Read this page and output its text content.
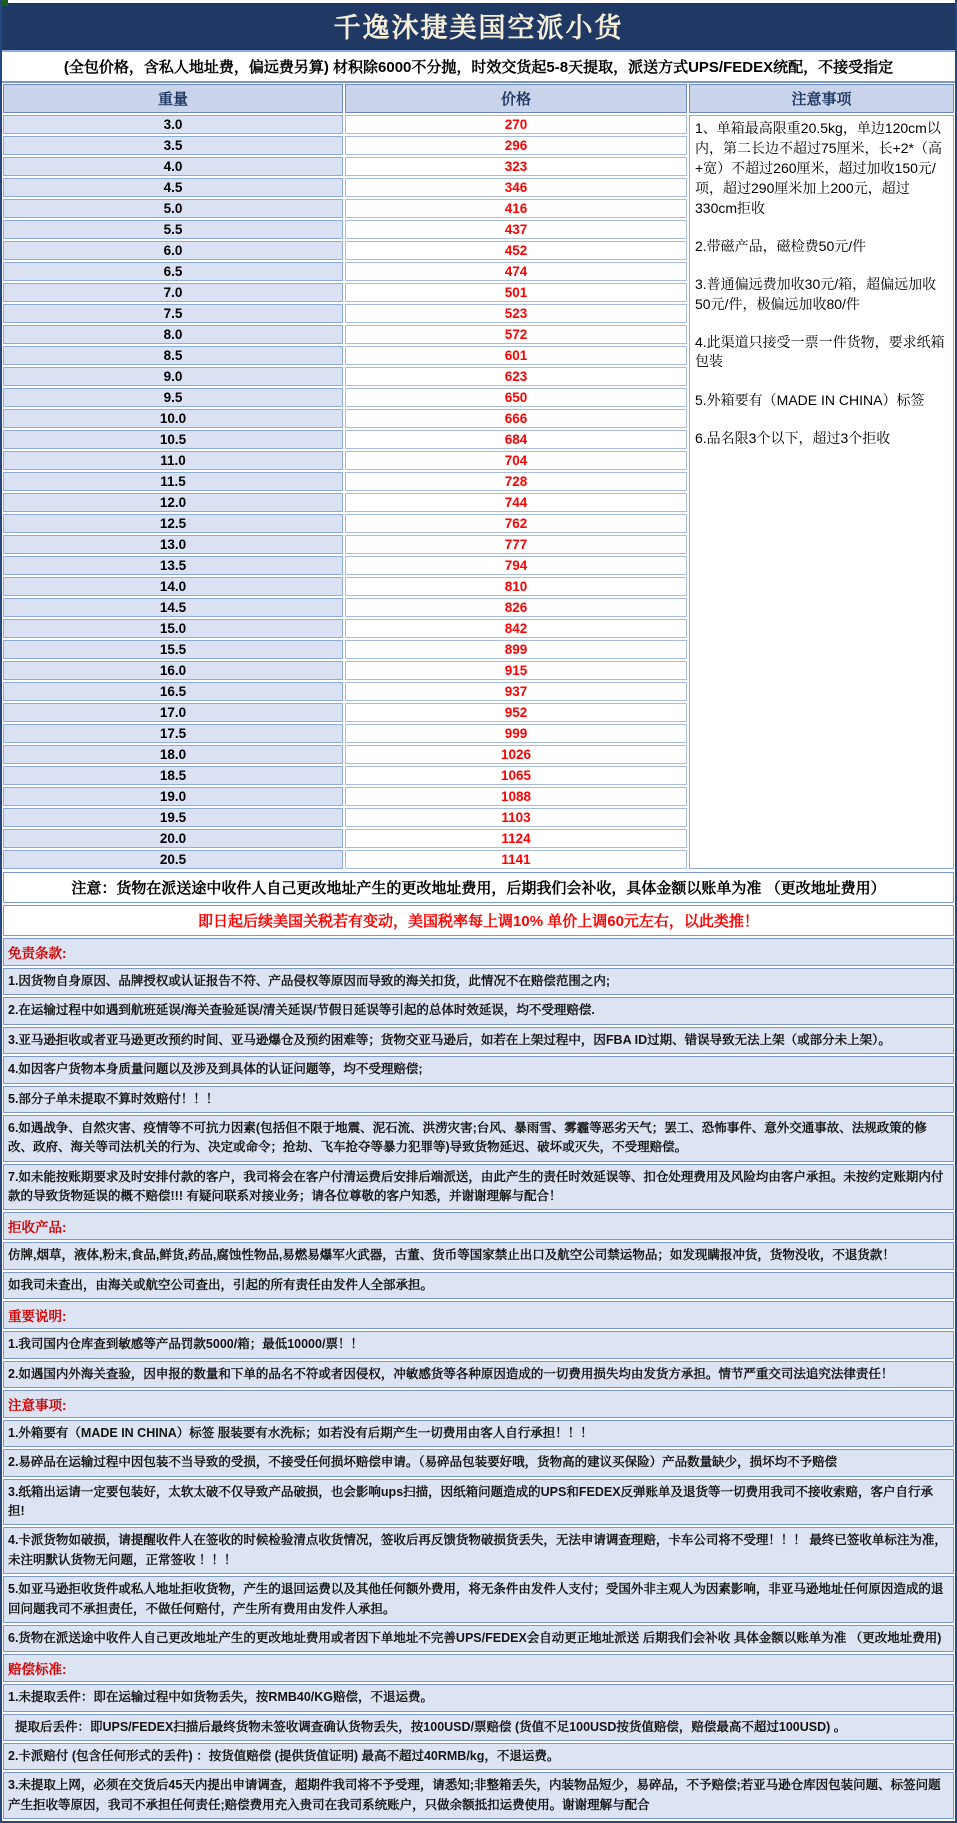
千逸沐捷美国空派小货
(全包价格，含私人地址费，偏远费另算) 材积除6000不分抛，时效交货起5-8天提取，派送方式UPS/FEDEX统配，不接受指定
重量	价格	注意事项
3.0
3.5
4.0
4.5
5.0
5.5
6.0
6.5
7.0
7.5
8.0
8.5
9.0
9.5
10.0
10.5
11.0
11.5
12.0
12.5
13.0
13.5
14.0
14.5
15.0
15.5
16.0
16.5
17.0
17.5
18.0
18.5
19.0
19.5
20.0
20.5
270
296
323
346
416
437
452
474
501
523
572
601
623
650
666
684
704
728
744
762
777
794
810
826
842
899
915
937
952
999
1026
1065
1088
1103
1124
1141
1、单箱最高限重20.5kg，单边120cm以内，第二长边不超过75厘米，长+2*（高+宽）不超过260厘米，超过加收150元/项，超过290厘米加上200元，超过330cm拒收
2.带磁产品，磁检费50元/件
3.普通偏远费加收30元/箱，超偏远加收50元/件，极偏远加收80/件
4.此渠道只接受一票一件货物，要求纸箱包装
5.外箱要有（MADE IN CHINA）标签
6.品名限3个以下，超过3个拒收
注意：货物在派送途中收件人自己更改地址产生的更改地址费用，后期我们会补收，具体金额以账单为准 （更改地址费用）
即日起后续美国关税若有变动，美国税率每上调10% 单价上调60元左右，以此类推！
免责条款:
1.因货物自身原因、品牌授权或认证报告不符、产品侵权等原因而导致的海关扣货，此情况不在赔偿范围之内;
2.在运输过程中如遇到航班延误/海关查验延误/清关延误/节假日延误等引起的总体时效延误，均不受理赔偿.
3.亚马逊拒收或者亚马逊更改预约时间、亚马逊爆仓及预约困难等；货物交亚马逊后，如若在上架过程中，因FBA ID过期、错误导致无法上架（或部分未上架）。
4.如因客户货物本身质量问题以及涉及到具体的认证问题等，均不受理赔偿;
5.部分子单未提取不算时效赔付！！！
6.如遇战争、自然灾害、疫情等不可抗力因素(包括但不限于地震、泥石流、洪涝灾害;台风、暴雨雪、雾霾等恶劣天气；罢工、恐怖事件、意外交通事故、法规政策的修改、政府、海关等司法机关的行为、决定或命令；抢劫、飞车抢夺等暴力犯罪等)导致货物延迟、破坏或灭失，不受理赔偿。
7.如未能按账期要求及时安排付款的客户，我司将会在客户付清运费后安排后端派送，由此产生的责任时效延误等、扣仓处理费用及风险均由客户承担。未按约定账期内付款的导致货物延误的概不赔偿!!! 有疑问联系对接业务；请各位尊敬的客户知悉，并谢谢理解与配合！
拒收产品:
仿牌,烟草，液体,粉末,食品,鲜货,药品,腐蚀性物品,易燃易爆军火武器，古董、货币等国家禁止出口及航空公司禁运物品；如发现瞒报冲货，货物没收，不退货款！
如我司未查出，由海关或航空公司查出，引起的所有责任由发件人全部承担。
重要说明:
1.我司国内仓库查到敏感等产品罚款5000/箱；最低10000/票！！
2.如遇国内外海关查验，因申报的数量和下单的品名不符或者因侵权，冲敏感货等各种原因造成的一切费用损失均由发货方承担。情节严重交司法追究法律责任！
注意事项:
1.外箱要有（MADE IN CHINA）标签 服装要有水洗标；如若没有后期产生一切费用由客人自行承担！！！
2.易碎品在运输过程中因包装不当导致的受损，不接受任何损坏赔偿申请。（易碎品包装要好哦，货物高的建议买保险）产品数量缺少，损坏均不予赔偿
3.纸箱出运请一定要包装好，太软太破不仅导致产品破损，也会影响ups扫描，因纸箱问题造成的UPS和FEDEX反弹账单及退货等一切费用我司不接收索赔，客户自行承担!
4.卡派货物如破损，请提醒收件人在签收的时候检验清点收货情况，签收后再反馈货物破损货丢失，无法申请调查理赔，卡车公司将不受理！！！ 最终已签收单标注为准，未注明默认货物无问题，正常签收 ！！！
5.如亚马逊拒收货件或私人地址拒收货物，产生的退回运费以及其他任何额外费用，将无条件由发件人支付；受国外非主观人为因素影响，非亚马逊地址任何原因造成的退回问题我司不承担责任，不做任何赔付，产生所有费用由发件人承担。
6.货物在派送途中收件人自己更改地址产生的更改地址费用或者因下单地址不完善UPS/FEDEX会自动更正地址派送 后期我们会补收 具体金额以账单为准 （更改地址费用)
赔偿标准:
1.未提取丢件：即在运输过程中如货物丢失，按RMB40/KG赔偿，不退运费。
提取后丢件：即UPS/FEDEX扫描后最终货物未签收调查确认货物丢失，按100USD/票赔偿 (货值不足100USD按货值赔偿，赔偿最高不超过100USD) 。
2.卡派赔付 (包含任何形式的丢件) ：按货值赔偿 (提供货值证明) 最高不超过40RMB/kg，不退运费。
3.未提取上网，必须在交货后45天内提出申请调查，超期件我司将不予受理，请悉知;非整箱丢失，内装物品短少，易碎品，不予赔偿;若亚马逊仓库因包装问题、标签问题产生拒收等原因，我司不承担任何责任;赔偿费用充入贵司在我司系统账户，只做余额抵扣运费使用。谢谢理解与配合
